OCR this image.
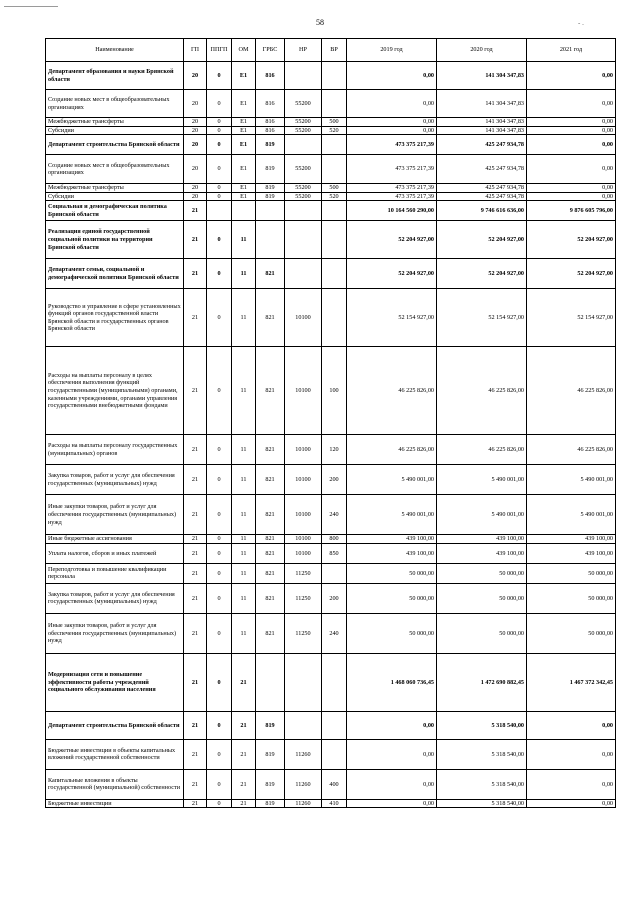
58	- .
Наименование	ГП	ППГП	ОМ	ГРБС	НР	ВР	2019 год	2020 год	2021 год
Департамент образования и науки Брянской области	20	0	E1	816			0,00	141 304 347,83	0,00
Создание новых мест в общеобразовательных организациях	20	0	E1	816	55200		0,00	141 304 347,83	0,00
Межбюджетные трансферты	20	0	E1	816	55200	500	0,00	141 304 347,83	0,00
Субсидии	20	0	E1	816	55200	520	0,00	141 304 347,83	0,00
Департамент строительства Брянской области	20	0	E1	819			473 375 217,39	425 247 934,78	0,00
Создание новых мест в общеобразовательных организациях	20	0	E1	819	55200		473 375 217,39	425 247 934,78	0,00
Межбюджетные трансферты	20	0	E1	819	55200	500	473 375 217,39	425 247 934,78	0,00
Субсидии	20	0	E1	819	55200	520	473 375 217,39	425 247 934,78	0,00
Социальная и демографическая политика Брянской области	21						10 164 560 290,00	9 746 616 636,00	9 876 605 796,00
Реализация единой государственной социальной политики на территории Брянской области	21	0	11				52 204 927,00	52 204 927,00	52 204 927,00
Департамент семьи, социальной и демографической политики Брянской области	21	0	11	821			52 204 927,00	52 204 927,00	52 204 927,00
Руководство и управление в сфере установленных функций органов государственной власти Брянской области и государственных органов Брянской области	21	0	11	821	10100		52 154 927,00	52 154 927,00	52 154 927,00
Расходы на выплаты персоналу в целях обеспечения выполнения функций государственными (муниципальными) органами, казенными учреждениями, органами управления государственными внебюджетными фондами	21	0	11	821	10100	100	46 225 826,00	46 225 826,00	46 225 826,00
Расходы на выплаты персоналу государственных (муниципальных) органов	21	0	11	821	10100	120	46 225 826,00	46 225 826,00	46 225 826,00
Закупка товаров, работ и услуг для обеспечения государственных (муниципальных) нужд	21	0	11	821	10100	200	5 490 001,00	5 490 001,00	5 490 001,00
Иные закупки товаров, работ и услуг для обеспечения государственных (муниципальных) нужд	21	0	11	821	10100	240	5 490 001,00	5 490 001,00	5 490 001,00
Иные бюджетные ассигнования	21	0	11	821	10100	800	439 100,00	439 100,00	439 100,00
Уплата налогов, сборов и иных платежей	21	0	11	821	10100	850	439 100,00	439 100,00	439 100,00
Переподготовка и повышение квалификации персонала	21	0	11	821	11250		50 000,00	50 000,00	50 000,00
Закупка товаров, работ и услуг для обеспечения государственных (муниципальных) нужд	21	0	11	821	11250	200	50 000,00	50 000,00	50 000,00
Иные закупки товаров, работ и услуг для обеспечения государственных (муниципальных) нужд	21	0	11	821	11250	240	50 000,00	50 000,00	50 000,00
Модернизация сети и повышение эффективности работы учреждений социального обслуживания населения	21	0	21				1 468 060 736,45	1 472 690 882,45	1 467 372 342,45
Департамент строительства Брянской области	21	0	21	819			0,00	5 318 540,00	0,00
Бюджетные инвестиции в объекты капитальных вложений государственной собственности	21	0	21	819	11260		0,00	5 318 540,00	0,00
Капитальные вложения в объекты государственной (муниципальной) собственности	21	0	21	819	11260	400	0,00	5 318 540,00	0,00
Бюджетные инвестиции	21	0	21	819	11260	410	0,00	5 318 540,00	0,00
